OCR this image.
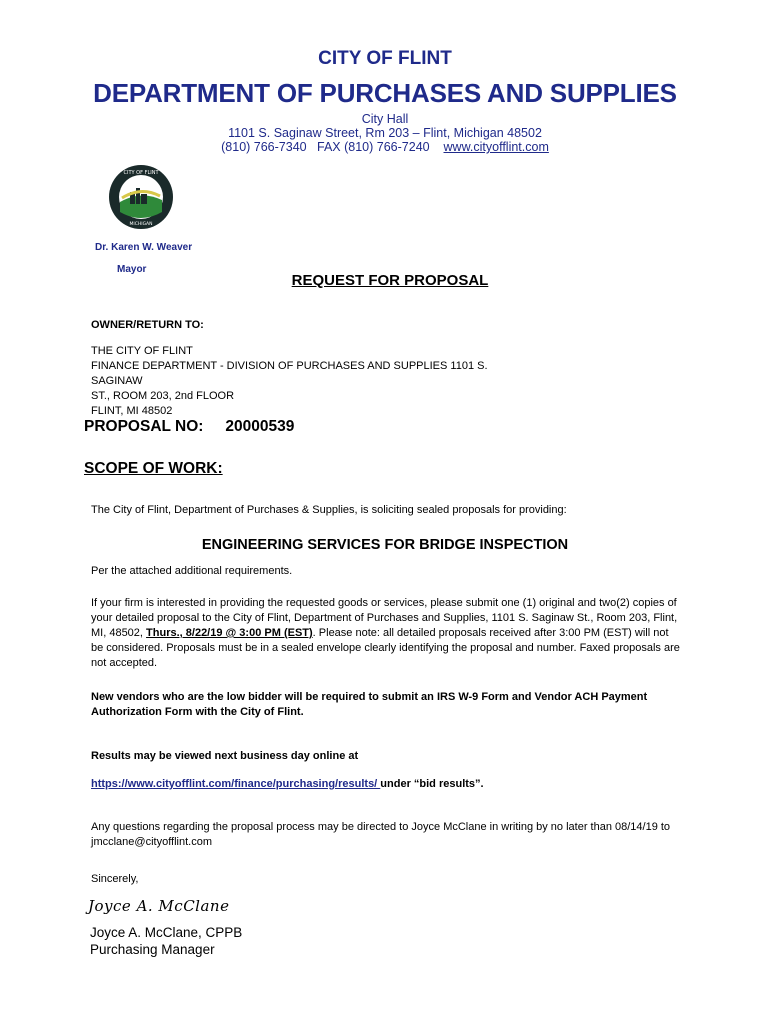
CITY OF FLINT
DEPARTMENT OF PURCHASES AND SUPPLIES
City Hall
1101 S. Saginaw Street, Rm 203 – Flint, Michigan 48502
(810) 766-7340   FAX (810) 766-7240 www.cityofflint.com
CITY OF FLINT
MICHIGAN
Dr. Karen W. Weaver
Mayor
REQUEST FOR PROPOSAL
OWNER/RETURN TO:
THE CITY OF FLINT
FINANCE DEPARTMENT - DIVISION OF PURCHASES AND SUPPLIES 1101 S. SAGINAW
ST., ROOM 203, 2nd FLOOR
FLINT, MI 48502
PROPOSAL NO: 20000539
SCOPE OF WORK:
The City of Flint, Department of Purchases & Supplies, is soliciting sealed proposals for providing:
ENGINEERING SERVICES FOR BRIDGE INSPECTION
Per the attached additional requirements.
If your firm is interested in providing the requested goods or services, please submit one (1) original and two(2) copies of your detailed proposal to the City of Flint, Department of Purchases and Supplies, 1101 S. Saginaw St., Room 203, Flint, MI, 48502, Thurs., 8/22/19 @ 3:00 PM (EST). Please note: all detailed proposals received after 3:00 PM (EST) will not be considered. Proposals must be in a sealed envelope clearly identifying the proposal and number. Faxed proposals are not accepted.
New vendors who are the low bidder will be required to submit an IRS W-9 Form and Vendor ACH Payment Authorization Form with the City of Flint.
Results may be viewed next business day online at
https://www.cityofflint.com/finance/purchasing/results/ under “bid results”.
Any questions regarding the proposal process may be directed to Joyce McClane in writing by no later than 08/14/19 to jmcclane@cityofflint.com
Sincerely,
Joyce A. McClane
Joyce A. McClane, CPPB
Purchasing Manager
